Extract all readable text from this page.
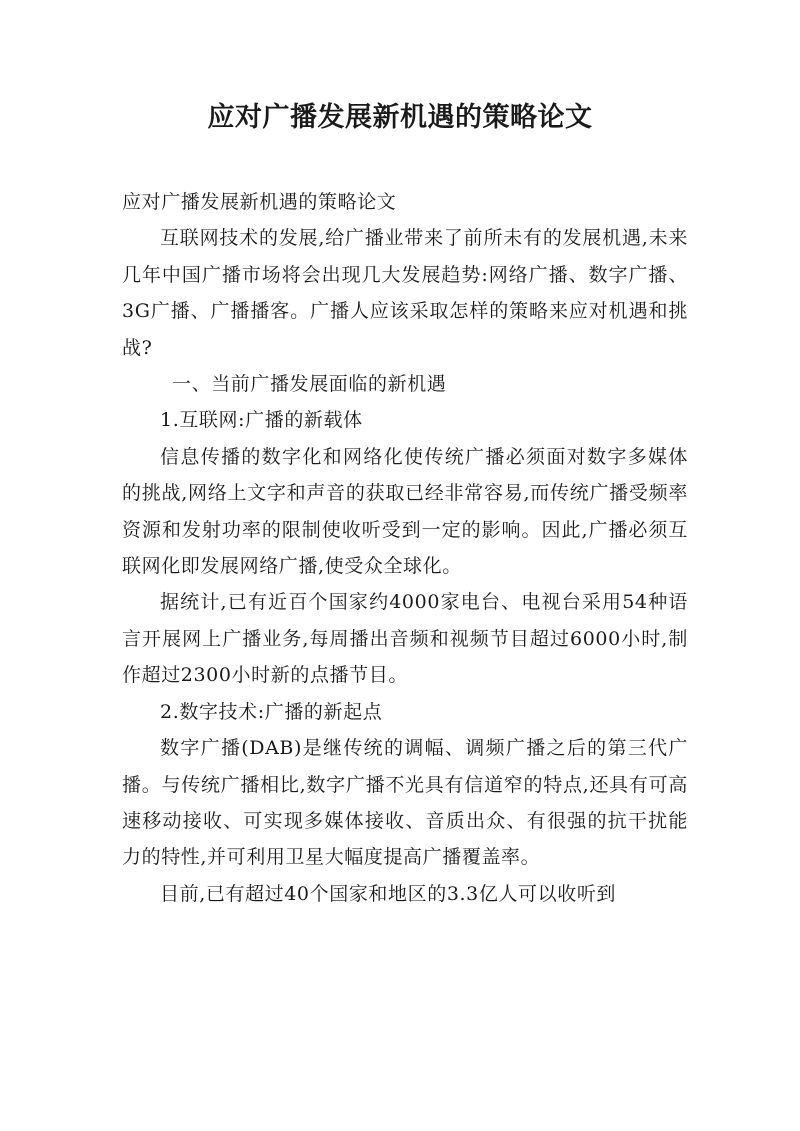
应对广播发展新机遇的策略论文

应对广播发展新机遇的策略论文

互联网技术的发展,给广播业带来了前所未有的发展机遇,未来几年中国广播市场将会出现几大发展趋势:网络广播、数字广播、3G广播、广播播客。广播人应该采取怎样的策略来应对机遇和挑战?

一、当前广播发展面临的新机遇

1.互联网:广播的新载体

信息传播的数字化和网络化使传统广播必须面对数字多媒体的挑战,网络上文字和声音的获取已经非常容易,而传统广播受频率资源和发射功率的限制使收听受到一定的影响。因此,广播必须互联网化即发展网络广播,使受众全球化。

据统计,已有近百个国家约4000家电台、电视台采用54种语言开展网上广播业务,每周播出音频和视频节目超过6000小时,制作超过2300小时新的点播节目。

2.数字技术:广播的新起点

数字广播(DAB)是继传统的调幅、调频广播之后的第三代广播。与传统广播相比,数字广播不光具有信道窄的特点,还具有可高速移动接收、可实现多媒体接收、音质出众、有很强的抗干扰能力的特性,并可利用卫星大幅度提高广播覆盖率。

目前,已有超过40个国家和地区的3.3亿人可以收听到
